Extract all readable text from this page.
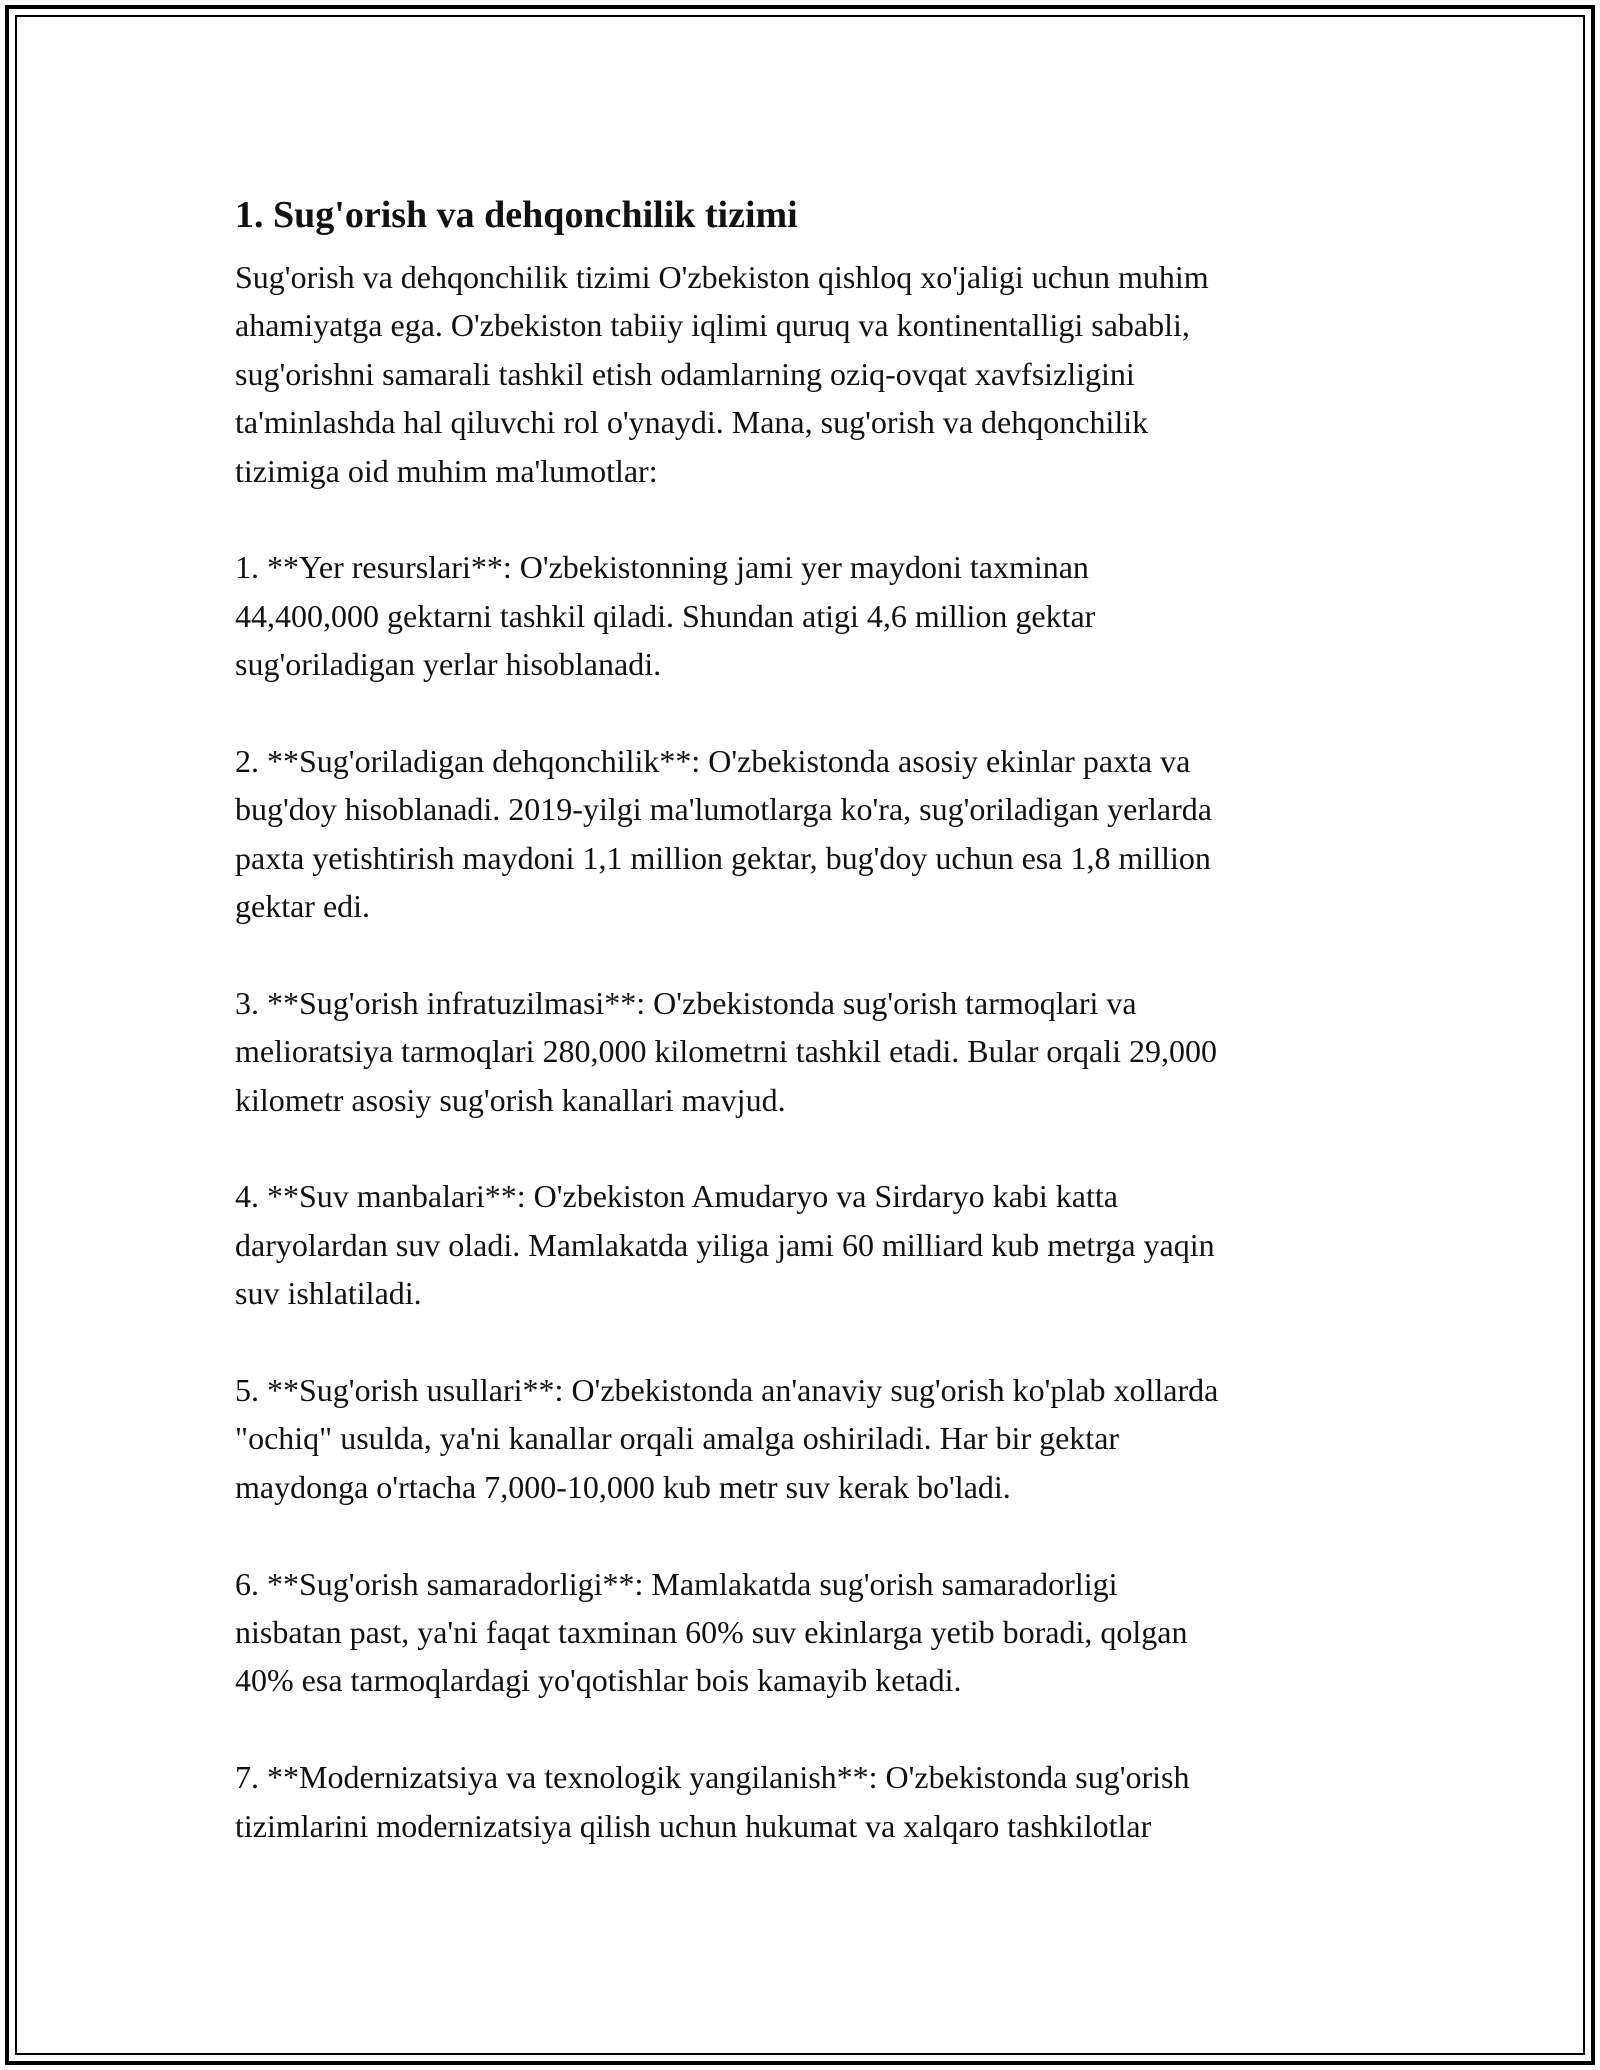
1. Sug'orish va dehqonchilik tizimi
Sug'orish va dehqonchilik tizimi O'zbekiston qishloq xo'jaligi uchun muhim
ahamiyatga ega. O'zbekiston tabiiy iqlimi quruq va kontinentalligi sababli,
sug'orishni samarali tashkil etish odamlarning oziq-ovqat xavfsizligini
ta'minlashda hal qiluvchi rol o'ynaydi. Mana, sug'orish va dehqonchilik
tizimiga oid muhim ma'lumotlar:
1. **Yer resurslari**: O'zbekistonning jami yer maydoni taxminan
44,400,000 gektarni tashkil qiladi. Shundan atigi 4,6 million gektar
sug'oriladigan yerlar hisoblanadi.
2. **Sug'oriladigan dehqonchilik**: O'zbekistonda asosiy ekinlar paxta va
bug'doy hisoblanadi. 2019-yilgi ma'lumotlarga ko'ra, sug'oriladigan yerlarda
paxta yetishtirish maydoni 1,1 million gektar, bug'doy uchun esa 1,8 million
gektar edi.
3. **Sug'orish infratuzilmasi**: O'zbekistonda sug'orish tarmoqlari va
melioratsiya tarmoqlari 280,000 kilometrni tashkil etadi. Bular orqali 29,000
kilometr asosiy sug'orish kanallari mavjud.
4. **Suv manbalari**: O'zbekiston Amudaryo va Sirdaryo kabi katta
daryolardan suv oladi. Mamlakatda yiliga jami 60 milliard kub metrga yaqin
suv ishlatiladi.
5. **Sug'orish usullari**: O'zbekistonda an'anaviy sug'orish ko'plab xollarda
"ochiq" usulda, ya'ni kanallar orqali amalga oshiriladi. Har bir gektar
maydonga o'rtacha 7,000-10,000 kub metr suv kerak bo'ladi.
6. **Sug'orish samaradorligi**: Mamlakatda sug'orish samaradorligi
nisbatan past, ya'ni faqat taxminan 60% suv ekinlarga yetib boradi, qolgan
40% esa tarmoqlardagi yo'qotishlar bois kamayib ketadi.
7. **Modernizatsiya va texnologik yangilanish**: O'zbekistonda sug'orish
tizimlarini modernizatsiya qilish uchun hukumat va xalqaro tashkilotlar
